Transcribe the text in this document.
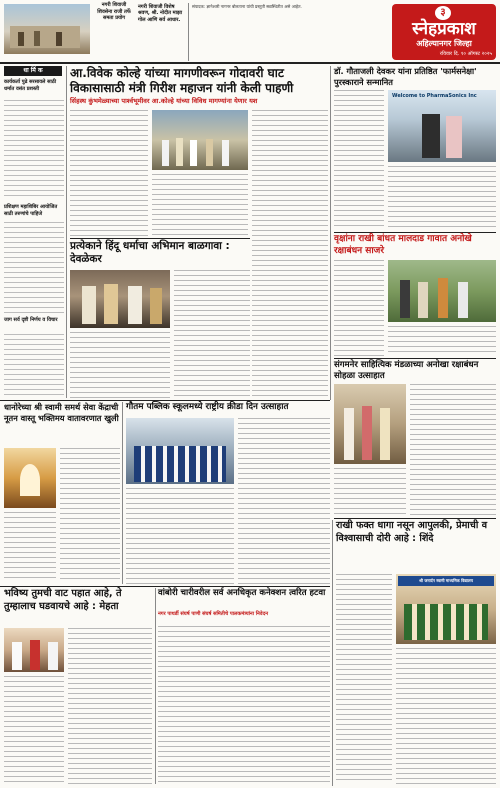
नगरी शिवाजी
शिवसेना राजी तर्फे
समता प्रयोग
नगरी शिवाजी विशेष श्रवण, श्री. नोदीत माझा गोल आणि सर्व आधार.
संपादक: ज्ञानेश्वरी नागनर बोलताना यांची प्रस्तुती सद्यस्थितीत असे आहेत.
३
स्नेहप्रकाश
अहिल्यानगर जिल्हा
रविवार दि. १० ऑगस्ट २०२५
धा र्मि क
कार्यकर्ता पुढे सरसावले साठी धर्मात वसंत प्रशस्ती
प्रशिक्षण महाशिबिर आयोजित साठी तरुणांचे पाहिजे
जाग सर्व दृष्टी निर्णय व विचार
आ.विवेक कोल्हे यांच्या मागणीवरून गोदावरी घाट विकासासाठी मंत्री गिरीश महाजन यांनी केली पाहणी
सिंहस्थ कुंभमेळ्याच्या पार्श्वभूमीवर आ.कोल्हे यांच्या विविध मागण्यांना येणार यश
प्रत्येकाने हिंदू धर्माचा अभिमान बाळगावा : देवळेकर
डॉ. गौताजली देवकर यांना प्रतिष्ठित 'फार्मसनेक्षा' पुरस्काराने सन्मानित
Welcome to PharmaSonics Inc
वृक्षांना राखी बांधत मालदाड गावात अनोखे रक्षाबंधन साजरे
संगमनेर साहित्यिक मंडळाच्या अनोखा रक्षाबंधन सोहळा उत्साहात
धानोरेच्या श्री स्वामी समर्थ सेवा केंद्राची नूतन वास्तू भक्तिमय वातावरणात खुली
गौतम पब्लिक स्कूलमध्ये राष्ट्रीय क्रीडा दिन उत्साहात
भविष्य तुमची वाट पहात आहे, ते तुम्हालाच घडवायचे आहे : मेहता
वांबोरी चारीवरील सर्व अनधिकृत कनेक्शन त्वरित हटवा
नगर पाथर्डी संघर्ष पाणी संघर्ष समितीचे पालकमंत्र्यांना निवेदन
राखी फक्त धागा नसून आपुलकी, प्रेमाची व विश्वासाची दोरी आहे : शिंदे
श्री जनार्दन स्वामी माध्यमिक विद्यालय
